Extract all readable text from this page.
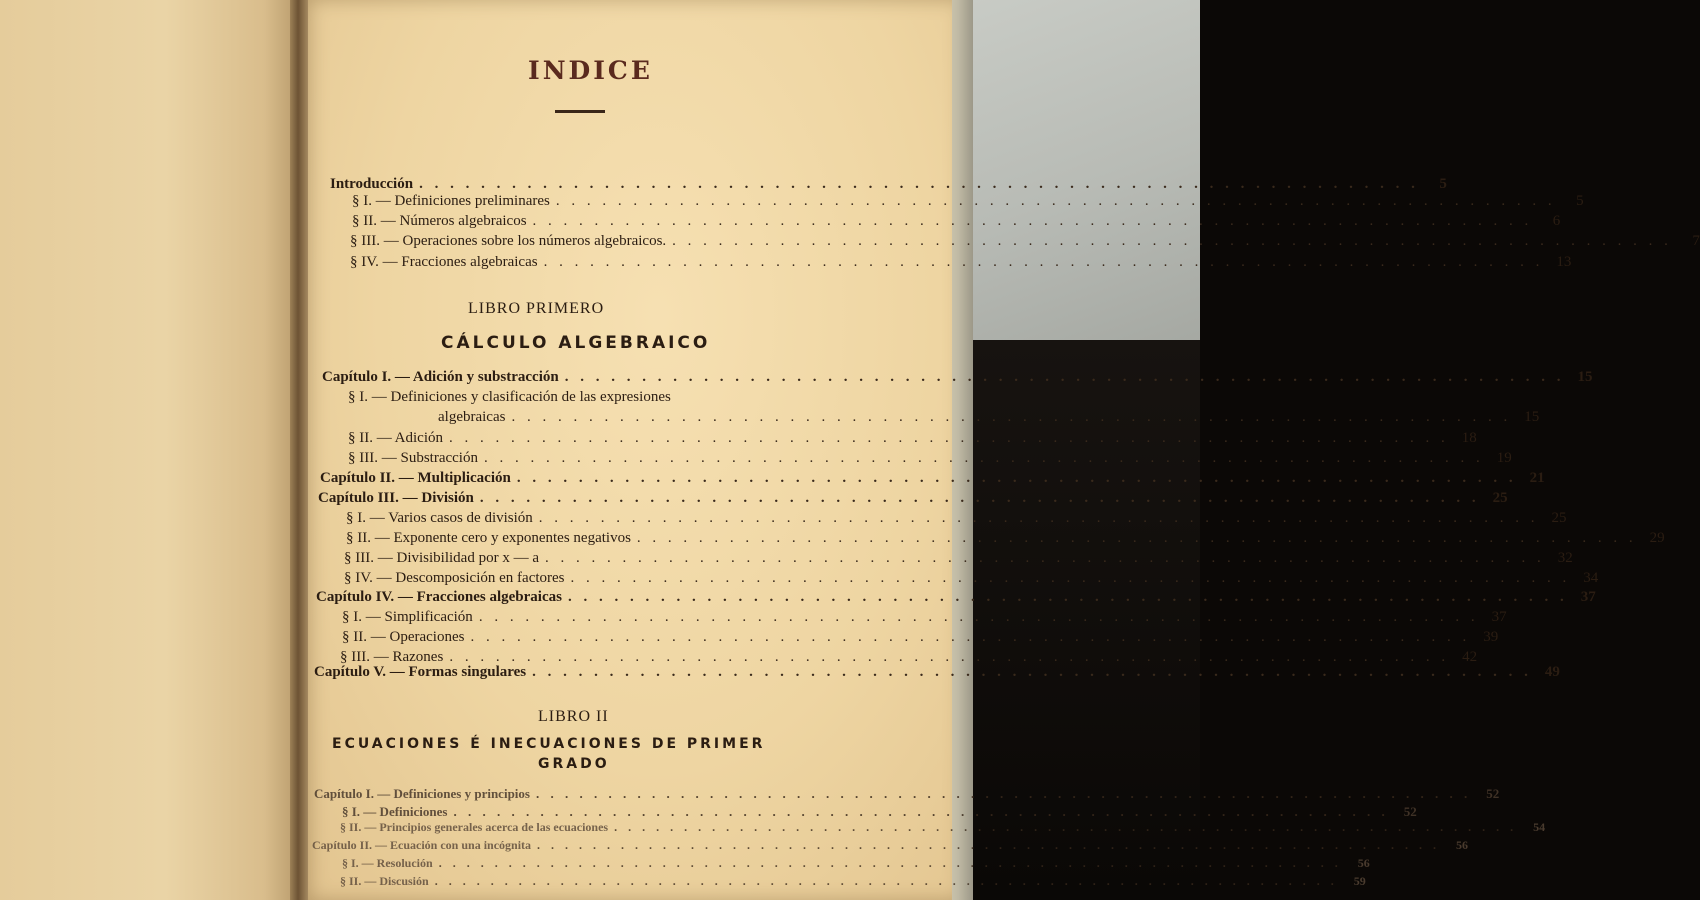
INDICE
Introducción . . .	5
§ I. — Definiciones preliminares . . .	5
§ II. — Números algebraicos . . .	6
§ III. — Operaciones sobre los números algebraicos. . . .	7
§ IV. — Fracciones algebraicas . . .	13
LIBRO PRIMERO
CÁLCULO ALGEBRAICO
Capítulo I. — Adición y substracción . . .	15
§ I. — Definiciones y clasificación de las expresiones
algebraicas . . .	15
§ II. — Adición . . .	18
§ III. — Substracción . . .	19
Capítulo II. — Multiplicación . . .	21
Capítulo III. — División . . .	25
§ I. — Varios casos de división . . .	25
§ II. — Exponente cero y exponentes negativos . . .	29
§ III. — Divisibilidad por x — a . . .	32
§ IV. — Descomposición en factores . . .	34
Capítulo IV. — Fracciones algebraicas . . .	37
§ I. — Simplificación . . .	37
§ II. — Operaciones . . .	39
§ III. — Razones . . .	42
Capítulo V. — Formas singulares . . .	49
LIBRO II
ECUACIONES É INECUACIONES DE PRIMER
GRADO
Capítulo I. — Definiciones y principios . . .	52
§ I. — Definiciones . . .	52
§ II. — Principios generales acerca de las ecuaciones . . .	54
Capítulo II. — Ecuación con una incógnita . . .	56
§ I. — Resolución . . .	56
§ II. — Discusión . . .	59
